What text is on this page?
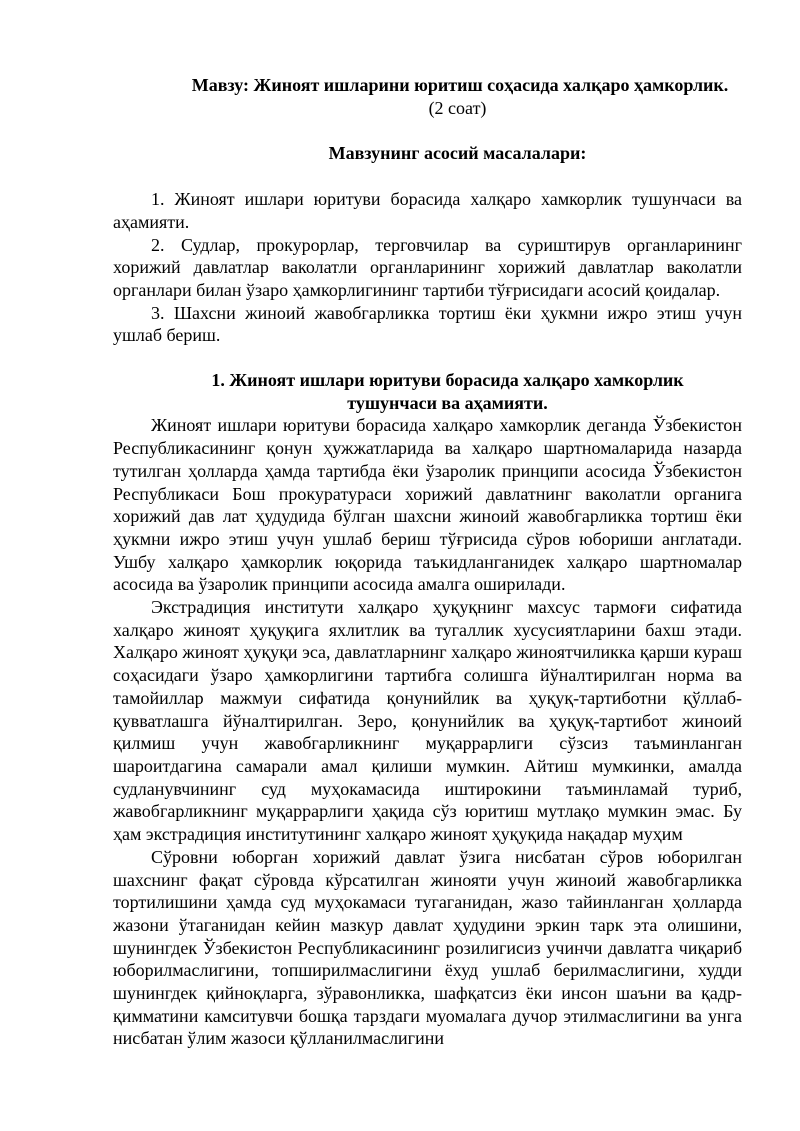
Мавзу: Жиноят ишларини юритиш соҳасида халқаро ҳамкорлик.
(2 соат)
Мавзунинг асосий масалалари:

1. Жиноят ишлари юритуви борасида халқаро хамкорлик тушунчаси ва аҳамияти.

2. Судлар, прокурорлар, терговчилар ва суриштирув органларининг хорижий давлатлар ваколатли органларининг хорижий давлатлар ваколатли органлари билан ўзаро ҳамкорлигининг тартиби тўғрисидаги асосий қоидалар.

3. Шахсни жиноий жавобгарликка тортиш ёки ҳукмни ижро этиш учун ушлаб бериш.

1. Жиноят ишлари юритуви борасида халқаро хамкорлик
тушунчаси ва аҳамияти.

Жиноят ишлари юритуви борасида халқаро хамкорлик деганда Ўзбекистон Республикасининг қонун ҳужжатларида ва халқаро шартномаларида назарда тутилган ҳолларда ҳамда тартибда ёки ўзаролик принципи асосида Ўзбекистон Республикаси Бош прокуратураси хорижий давлатнинг ваколатли органига хорижий дав лат ҳудудида бўлган шахсни жиноий жавобгарликка тортиш ёки ҳукмни ижро этиш учун ушлаб бериш тўғрисида сўров юбориши англатади. Ушбу халқаро ҳамкорлик юқорида таъкидланганидек халқаро шартномалар асосида ва ўзаролик принципи асосида амалга оширилади.

Экстрадиция институти халқаро ҳуқуқнинг махсус тармоғи сифатида халқаро жиноят ҳуқуқига яхлитлик ва тугаллик хусусиятларини бахш этади. Халқаро жиноят ҳуқуқи эса, давлатларнинг халқаро жиноятчиликка қарши кураш соҳасидаги ўзаро ҳамкорлигини тартибга солишга йўналтирилган норма ва тамойиллар мажмуи сифатида қонунийлик ва ҳуқуқ-тартиботни қўллаб-қувватлашга йўналтирилган. Зеро, қонунийлик ва ҳуқуқ-тартибот жиноий қилмиш учун жавобгарликнинг муқаррарлиги сўзсиз таъминланган шароитдагина самарали амал қилиши мумкин. Айтиш мумкинки, амалда судланувчининг суд муҳокамасида иштирокини таъминламай туриб, жавобгарликнинг муқаррарлиги ҳақида сўз юритиш мутлақо мумкин эмас. Бу ҳам экстрадиция институтининг халқаро жиноят ҳуқуқида нақадар муҳим

Сўровни юборган хорижий давлат ўзига нисбатан сўров юборилган шахснинг фақат сўровда кўрсатилган жинояти учун жиноий жавобгарликка тортилишини ҳамда суд муҳокамаси тугаганидан, жазо тайинланган ҳолларда жазони ўтаганидан кейин мазкур давлат ҳудудини эркин тарк эта олишини, шунингдек Ўзбекистон Республикасининг розилигисиз учинчи давлатга чиқариб юборилмаслигини, топширилмаслигини ёхуд ушлаб берилмаслигини, худди шунингдек қийноқларга, зўравонликка, шафқатсиз ёки инсон шаъни ва қадр-қимматини камситувчи бошқа тарздаги муомалага дучор этилмаслигини ва унга нисбатан ўлим жазоси қўлланилмаслигини
